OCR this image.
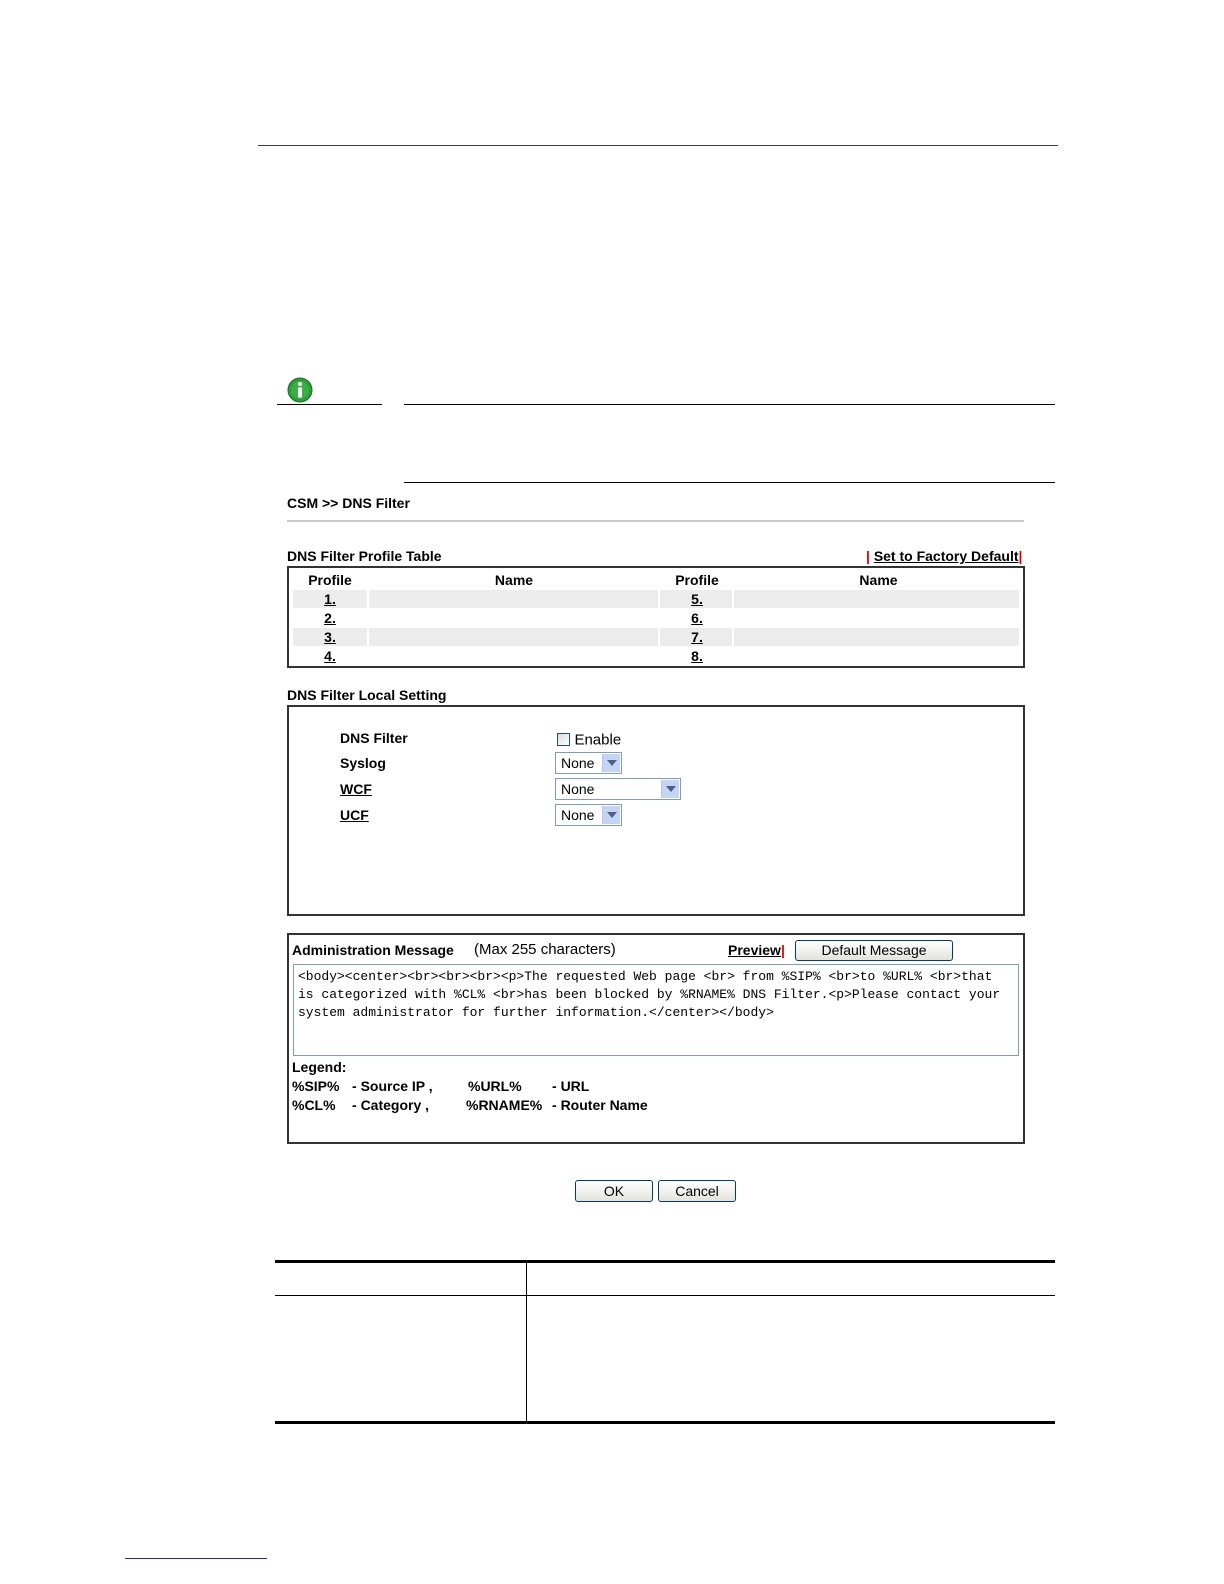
CSM >> DNS Filter
DNS Filter Profile Table	| Set to Factory Default|
Profile	Name	Profile	Name
1.	5.
2.	6.
3.	7.
4.	8.
DNS Filter Local Setting
DNS Filter	Enable
Syslog	None
WCF	None
UCF	None
Administration Message (Max 255 characters)	Preview|	Default Message
<body><center><br><br><br><p>The requested Web page <br> from %SIP% <br>to %URL% <br>that is categorized with %CL% <br>has been blocked by %RNAME% DNS Filter.<p>Please contact your system administrator for further information.</center></body>
Legend:
%SIP% - Source IP ,	%URL% - URL
%CL% - Category ,	%RNAME% - Router Name
OK	Cancel
